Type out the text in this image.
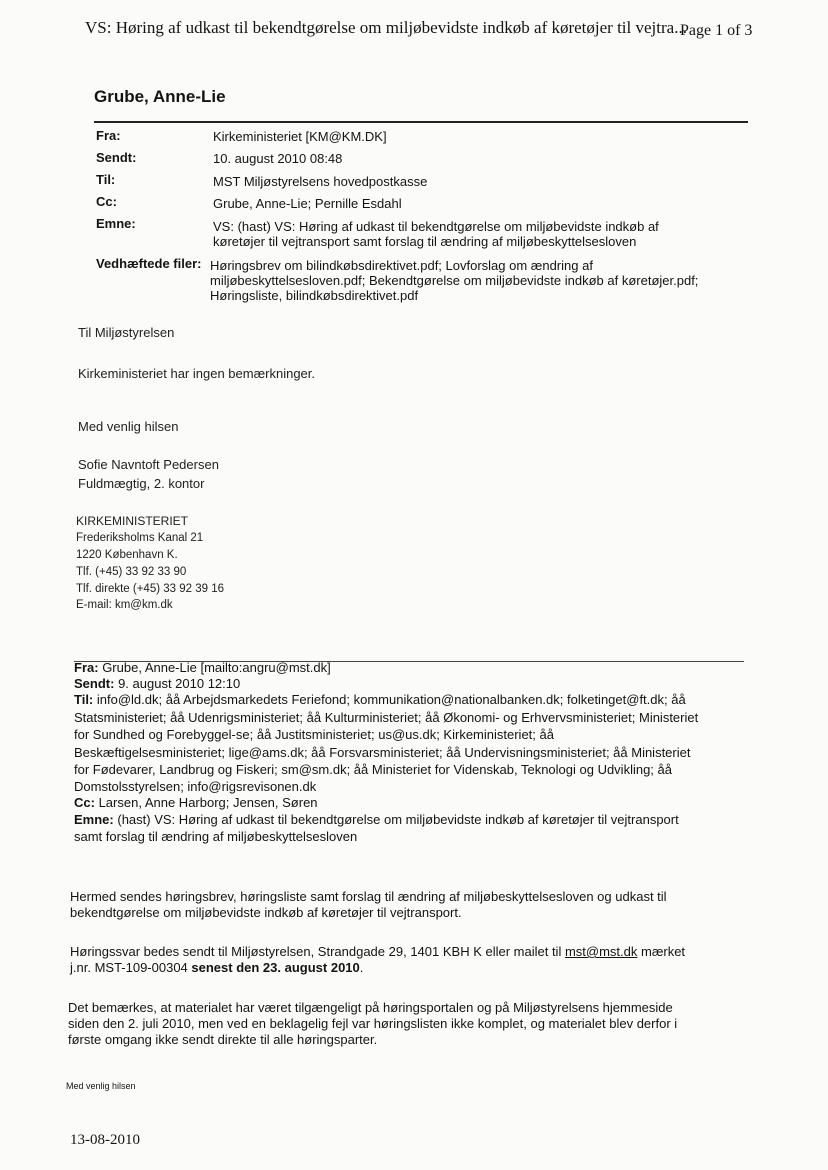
VS: Høring af udkast til bekendtgørelse om miljøbevidste indkøb af køretøjer til vejtra...
Page 1 of 3
Grube, Anne-Lie
Fra:	Kirkeministeriet [KM@KM.DK]
Sendt:	10. august 2010 08:48
Til:	MST Miljøstyrelsens hovedpostkasse
Cc:	Grube, Anne-Lie; Pernille Esdahl
Emne:	VS: (hast) VS: Høring af udkast til bekendtgørelse om miljøbevidste indkøb af
køretøjer til vejtransport samt forslag til ændring af miljøbeskyttelsesloven
Vedhæftede filer: Høringsbrev om bilindkøbsdirektivet.pdf; Lovforslag om ændring af
miljøbeskyttelsesloven.pdf; Bekendtgørelse om miljøbevidste indkøb af køretøjer.pdf;
Høringsliste, bilindkøbsdirektivet.pdf
Til Miljøstyrelsen
Kirkeministeriet har ingen bemærkninger.
Med venlig hilsen
Sofie Navntoft Pedersen
Fuldmægtig, 2. kontor
KIRKEMINISTERIET
Frederiksholms Kanal 21
1220 København K.
Tlf. (+45) 33 92 33 90
Tlf. direkte (+45) 33 92 39 16
E-mail: km@km.dk
Fra: Grube, Anne-Lie [mailto:angru@mst.dk]
Sendt: 9. august 2010 12:10
Til: info@ld.dk; åå Arbejdsmarkedets Feriefond; kommunikation@nationalbanken.dk; folketinget@ft.dk; åå
Statsministeriet; åå Udenrigsministeriet; åå Kulturministeriet; åå Økonomi- og Erhvervsministeriet; Ministeriet
for Sundhed og Forebyggel-se; åå Justitsministeriet; us@us.dk; Kirkeministeriet; åå
Beskæftigelsesministeriet; lige@ams.dk; åå Forsvarsministeriet; åå Undervisningsministeriet; åå Ministeriet
for Fødevarer, Landbrug og Fiskeri; sm@sm.dk; åå Ministeriet for Videnskab, Teknologi og Udvikling; åå
Domstolsstyrelsen; info@rigsrevisonen.dk
Cc: Larsen, Anne Harborg; Jensen, Søren
Emne: (hast) VS: Høring af udkast til bekendtgørelse om miljøbevidste indkøb af køretøjer til vejtransport
samt forslag til ændring af miljøbeskyttelsesloven
Hermed sendes høringsbrev, høringsliste samt forslag til ændring af miljøbeskyttelsesloven og udkast til
bekendtgørelse om miljøbevidste indkøb af køretøjer til vejtransport.
Høringssvar bedes sendt til Miljøstyrelsen, Strandgade 29, 1401 KBH K eller mailet til mst@mst.dk mærket
j.nr. MST-109-00304 senest den 23. august 2010.
Det bemærkes, at materialet har været tilgængeligt på høringsportalen og på Miljøstyrelsens hjemmeside
siden den 2. juli 2010, men ved en beklagelig fejl var høringslisten ikke komplet, og materialet blev derfor i
første omgang ikke sendt direkte til alle høringsparter.
Med venlig hilsen
13-08-2010
